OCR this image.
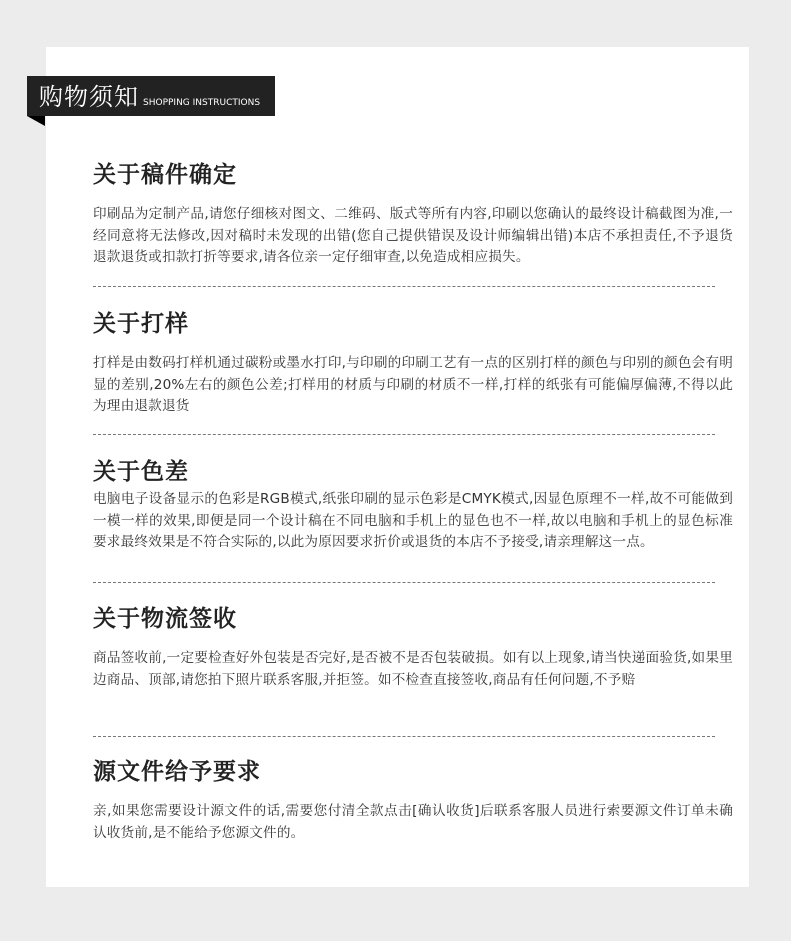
购物须知 SHOPPING INSTRUCTIONS
关于稿件确定

印刷品为定制产品,请您仔细核对图文、二维码、版式等所有内容,印刷以您确认的最终设计稿截图为准,一经同意将无法修改,因对稿时未发现的出错(您自己提供错误及设计师编辑出错)本店不承担责任,不予退货退款退货或扣款打折等要求,请各位亲一定仔细审查,以免造成相应损失。

关于打样

打样是由数码打样机通过碳粉或墨水打印,与印刷的印刷工艺有一点的区别打样的颜色与印别的颜色会有明显的差别,20%左右的颜色公差;打样用的材质与印刷的材质不一样,打样的纸张有可能偏厚偏薄,不得以此为理由退款退货

关于色差

电脑电子设备显示的色彩是RGB模式,纸张印刷的显示色彩是CMYK模式,因显色原理不一样,故不可能做到一模一样的效果,即便是同一个设计稿在不同电脑和手机上的显色也不一样,故以电脑和手机上的显色标准要求最终效果是不符合实际的,以此为原因要求折价或退货的本店不予接受,请亲理解这一点。

关于物流签收

商品签收前,一定要检查好外包装是否完好,是否被不是否包装破损。如有以上现象,请当快递面验货,如果里边商品、顶部,请您拍下照片联系客服,并拒签。如不检查直接签收,商品有任何问题,不予赔

源文件给予要求

亲,如果您需要设计源文件的话,需要您付清全款点击[确认收货]后联系客服人员进行索要源文件订单未确认收货前,是不能给予您源文件的。
